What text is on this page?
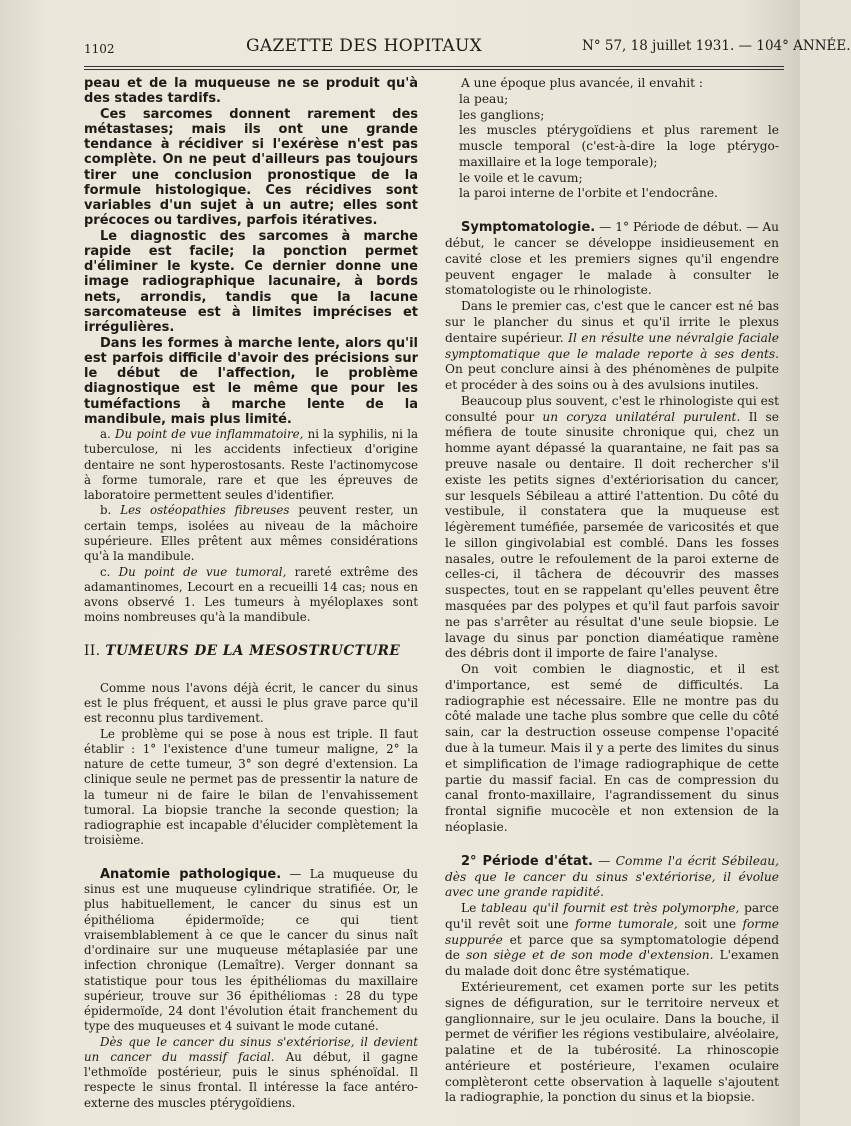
1102	GAZETTE DES HOPITAUX	N° 57, 18 juillet 1931. — 104° ANNÉE.

peau et de la muqueuse ne se produit qu'à des stades tardifs.

Ces sarcomes donnent rarement des métastases; mais ils ont une grande tendance à récidiver si l'exérèse n'est pas complète. On ne peut d'ailleurs pas toujours tirer une conclusion pronostique de la formule histologique. Ces récidives sont variables d'un sujet à un autre; elles sont précoces ou tardives, parfois itératives.

Le diagnostic des sarcomes à marche rapide est facile; la ponction permet d'éliminer le kyste. Ce dernier donne une image radiographique lacunaire, à bords nets, arrondis, tandis que la lacune sarcomateuse est à limites imprécises et irrégulières.

Dans les formes à marche lente, alors qu'il est parfois difficile d'avoir des précisions sur le début de l'affection, le problème diagnostique est le même que pour les tuméfactions à marche lente de la mandibule, mais plus limité.

a. Du point de vue inflammatoire, ni la syphilis, ni la tuberculose, ni les accidents infectieux d'origine dentaire ne sont hyperostosants. Reste l'actinomycose à forme tumorale, rare et que les épreuves de laboratoire permettent seules d'identifier.

b. Les ostéopathies fibreuses peuvent rester, un certain temps, isolées au niveau de la mâchoire supérieure. Elles prêtent aux mêmes considérations qu'à la mandibule.

c. Du point de vue tumoral, rareté extrême des adamantinomes, Lecourt en a recueilli 14 cas; nous en avons observé 1. Les tumeurs à myéloplaxes sont moins nombreuses qu'à la mandibule.

II. TUMEURS DE LA MESOSTRUCTURE

Comme nous l'avons déjà écrit, le cancer du sinus est le plus fréquent, et aussi le plus grave parce qu'il est reconnu plus tardivement.

Le problème qui se pose à nous est triple. Il faut établir : 1° l'existence d'une tumeur maligne, 2° la nature de cette tumeur, 3° son degré d'extension. La clinique seule ne permet pas de pressentir la nature de la tumeur ni de faire le bilan de l'envahissement tumoral. La biopsie tranche la seconde question; la radiographie est incapable d'élucider complètement la troisième.

Anatomie pathologique. — La muqueuse du sinus est une muqueuse cylindrique stratifiée. Or, le plus habituellement, le cancer du sinus est un épithélioma épidermoïde; ce qui tient vraisemblablement à ce que le cancer du sinus naît d'ordinaire sur une muqueuse métaplasiée par une infection chronique (Lemaître). Verger donnant sa statistique pour tous les épithéliomas du maxillaire supérieur, trouve sur 36 épithéliomas : 28 du type épidermoïde, 24 dont l'évolution était franchement du type des muqueuses et 4 suivant le mode cutané.

Dès que le cancer du sinus s'extériorise, il devient un cancer du massif facial. Au début, il gagne l'ethmoïde postérieur, puis le sinus sphénoïdal. Il respecte le sinus frontal. Il intéresse la face antéro-externe des muscles ptérygoïdiens.

A une époque plus avancée, il envahit :

la peau;

les ganglions;

les muscles ptérygoïdiens et plus rarement le muscle temporal (c'est-à-dire la loge ptérygo-maxillaire et la loge temporale);

le voile et le cavum;

la paroi interne de l'orbite et l'endocrâne.

Symptomatologie. — 1° Période de début. — Au début, le cancer se développe insidieusement en cavité close et les premiers signes qu'il engendre peuvent engager le malade à consulter le stomatologiste ou le rhinologiste.

Dans le premier cas, c'est que le cancer est né bas sur le plancher du sinus et qu'il irrite le plexus dentaire supérieur. Il en résulte une névralgie faciale symptomatique que le malade reporte à ses dents. On peut conclure ainsi à des phénomènes de pulpite et procéder à des soins ou à des avulsions inutiles.

Beaucoup plus souvent, c'est le rhinologiste qui est consulté pour un coryza unilatéral purulent. Il se méfiera de toute sinusite chronique qui, chez un homme ayant dépassé la quarantaine, ne fait pas sa preuve nasale ou dentaire. Il doit rechercher s'il existe les petits signes d'extériorisation du cancer, sur lesquels Sébileau a attiré l'attention. Du côté du vestibule, il constatera que la muqueuse est légèrement tuméfiée, parsemée de varicosités et que le sillon gingivolabial est comblé. Dans les fosses nasales, outre le refoulement de la paroi externe de celles-ci, il tâchera de découvrir des masses suspectes, tout en se rappelant qu'elles peuvent être masquées par des polypes et qu'il faut parfois savoir ne pas s'arrêter au résultat d'une seule biopsie. Le lavage du sinus par ponction diaméatique ramène des débris dont il importe de faire l'analyse.

On voit combien le diagnostic, et il est d'importance, est semé de difficultés. La radiographie est nécessaire. Elle ne montre pas du côté malade une tache plus sombre que celle du côté sain, car la destruction osseuse compense l'opacité due à la tumeur. Mais il y a perte des limites du sinus et simplification de l'image radiographique de cette partie du massif facial. En cas de compression du canal fronto-maxillaire, l'agrandissement du sinus frontal signifie mucocèle et non extension de la néoplasie.

2° Période d'état. — Comme l'a écrit Sébileau, dès que le cancer du sinus s'extériorise, il évolue avec une grande rapidité.

Le tableau qu'il fournit est très polymorphe, parce qu'il revêt soit une forme tumorale, soit une forme suppurée et parce que sa symptomatologie dépend de son siège et de son mode d'extension. L'examen du malade doit donc être systématique.

Extérieurement, cet examen porte sur les petits signes de défiguration, sur le territoire nerveux et ganglionnaire, sur le jeu oculaire. Dans la bouche, il permet de vérifier les régions vestibulaire, alvéolaire, palatine et de la tubérosité. La rhinoscopie antérieure et postérieure, l'examen oculaire complèteront cette observation à laquelle s'ajoutent la radiographie, la ponction du sinus et la biopsie.
